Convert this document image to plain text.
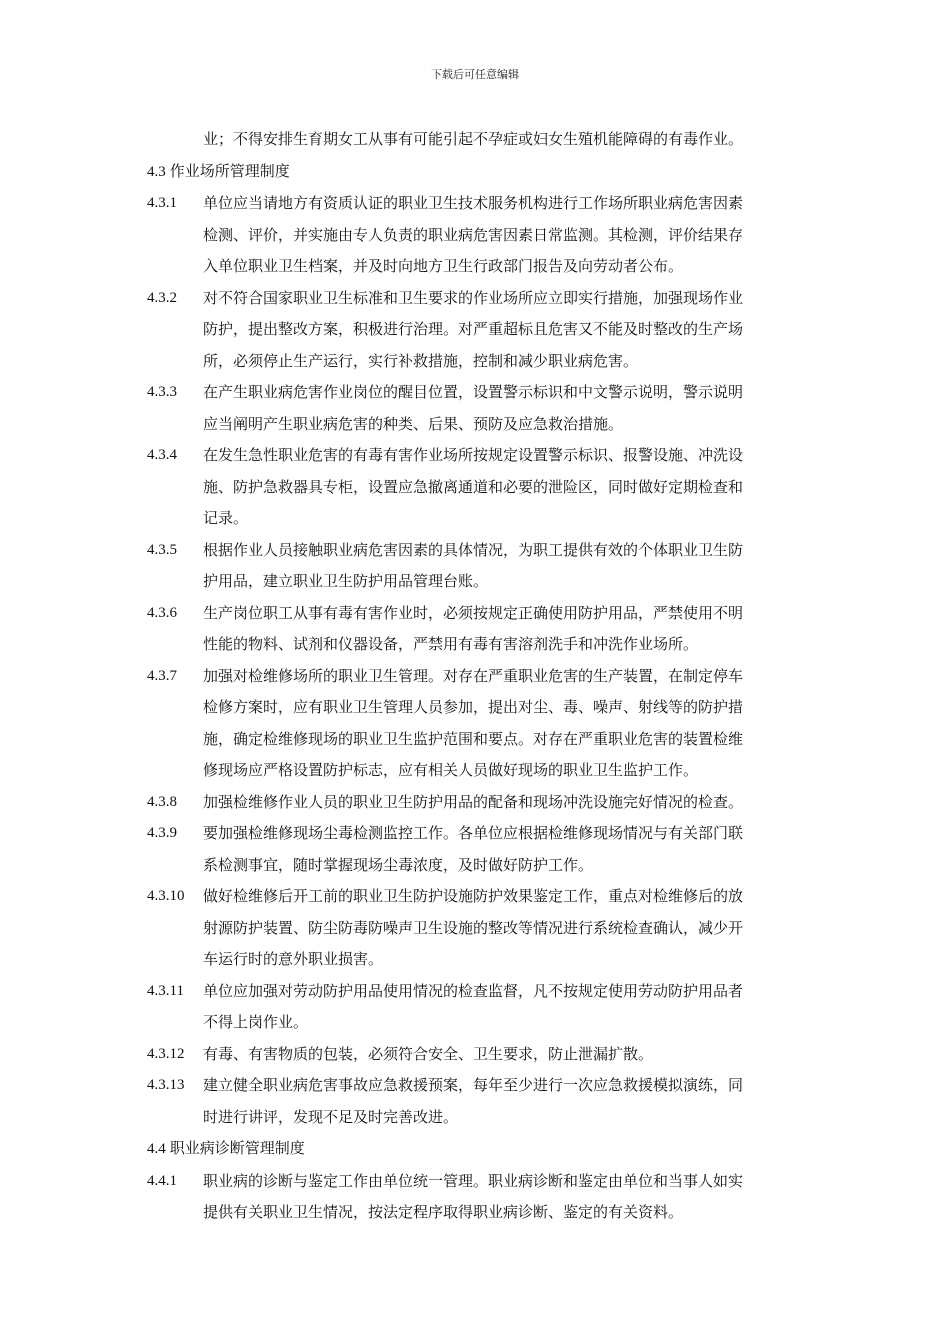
下载后可任意编辑
业；不得安排生育期女工从事有可能引起不孕症或妇女生殖机能障碍的有毒作业。
4.3 作业场所管理制度
4.3.1	单位应当请地方有资质认证的职业卫生技术服务机构进行工作场所职业病危害因素
检测、评价，并实施由专人负责的职业病危害因素日常监测。其检测，评价结果存
入单位职业卫生档案，并及时向地方卫生行政部门报告及向劳动者公布。
4.3.2	对不符合国家职业卫生标准和卫生要求的作业场所应立即实行措施，加强现场作业
防护，提出整改方案，积极进行治理。对严重超标且危害又不能及时整改的生产场
所，必须停止生产运行，实行补救措施，控制和减少职业病危害。
4.3.3	在产生职业病危害作业岗位的醒目位置，设置警示标识和中文警示说明，警示说明
应当阐明产生职业病危害的种类、后果、预防及应急救治措施。
4.3.4	在发生急性职业危害的有毒有害作业场所按规定设置警示标识、报警设施、冲洗设
施、防护急救器具专柜，设置应急撤离通道和必要的泄险区，同时做好定期检查和
记录。
4.3.5	根据作业人员接触职业病危害因素的具体情况，为职工提供有效的个体职业卫生防
护用品，建立职业卫生防护用品管理台账。
4.3.6	生产岗位职工从事有毒有害作业时，必须按规定正确使用防护用品，严禁使用不明
性能的物料、试剂和仪器设备，严禁用有毒有害溶剂洗手和冲洗作业场所。
4.3.7	加强对检维修场所的职业卫生管理。对存在严重职业危害的生产装置，在制定停车
检修方案时，应有职业卫生管理人员参加，提出对尘、毒、噪声、射线等的防护措
施，确定检维修现场的职业卫生监护范围和要点。对存在严重职业危害的装置检维
修现场应严格设置防护标志，应有相关人员做好现场的职业卫生监护工作。
4.3.8	加强检维修作业人员的职业卫生防护用品的配备和现场冲洗设施完好情况的检查。
4.3.9	要加强检维修现场尘毒检测监控工作。各单位应根据检维修现场情况与有关部门联
系检测事宜，随时掌握现场尘毒浓度，及时做好防护工作。
4.3.10	做好检维修后开工前的职业卫生防护设施防护效果鉴定工作，重点对检维修后的放
射源防护装置、防尘防毒防噪声卫生设施的整改等情况进行系统检查确认，减少开
车运行时的意外职业损害。
4.3.11	单位应加强对劳动防护用品使用情况的检查监督，凡不按规定使用劳动防护用品者
不得上岗作业。
4.3.12	有毒、有害物质的包装，必须符合安全、卫生要求，防止泄漏扩散。
4.3.13	建立健全职业病危害事故应急救援预案，每年至少进行一次应急救援模拟演练，同
时进行讲评，发现不足及时完善改进。
4.4 职业病诊断管理制度
4.4.1	职业病的诊断与鉴定工作由单位统一管理。职业病诊断和鉴定由单位和当事人如实
提供有关职业卫生情况，按法定程序取得职业病诊断、鉴定的有关资料。
